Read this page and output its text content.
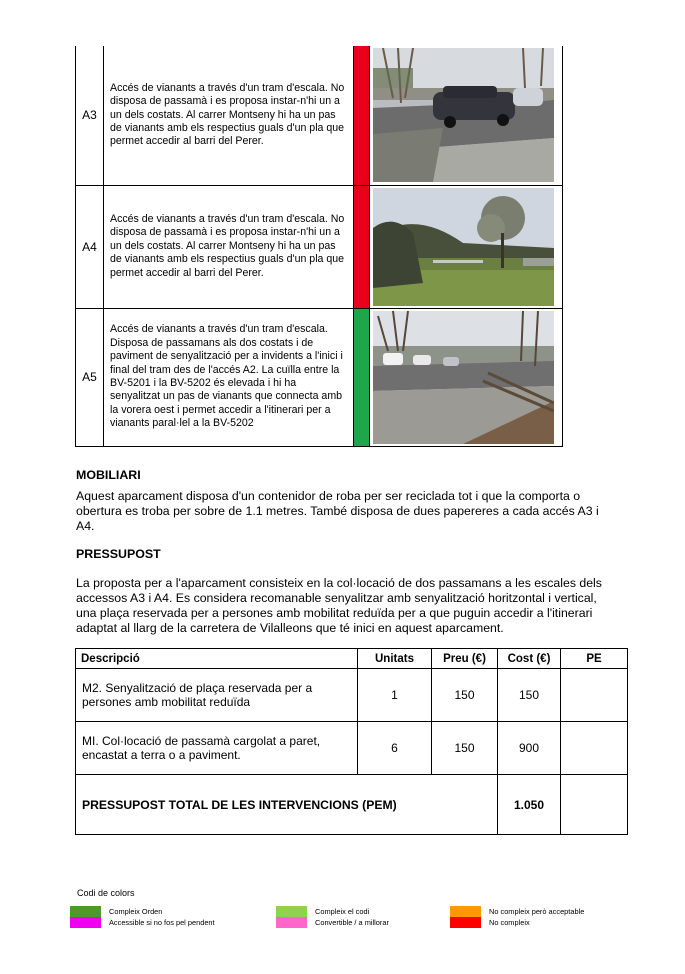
A3	Accés de vianants a través d'un tram d'escala. No disposa de passamà i es proposa instar-n'hi un a un dels costats. Al carrer Montseny hi ha un pas de vianants amb els respectius guals d'un pla que permet accedir al barri del Perer.		

A4	Accés de vianants a través d'un tram d'escala. No disposa de passamà i es proposa instar-n'hi un a un dels costats. Al carrer Montseny hi ha un pas de vianants amb els respectius guals d'un pla que permet accedir al barri del Perer.		

A5	Accés de vianants a través d'un tram d'escala. Disposa de passamans als dos costats i de paviment de senyalització per a invidents a l'inici i final del tram des de l'accés A2. La cuïlla entre la BV-5201 i la BV-5202 és elevada i hi ha senyalitzat un pas de vianants que connecta amb la vorera oest i permet accedir a l'itinerari per a vianants paral·lel a la BV-5202		
MOBILIARI
Aquest aparcament disposa d'un contenidor de roba per ser reciclada tot i que la comporta o obertura es troba per sobre de 1.1 metres. També disposa de dues papereres a cada accés A3 i A4.
PRESSUPOST
La proposta per a l'aparcament consisteix en la col·locació de dos passamans a les escales dels accessos A3 i A4. Es considera recomanable senyalitzar amb senyalització horitzontal i vertical, una plaça reservada per a persones amb mobilitat reduïda per a que puguin accedir a l'itinerari adaptat al llarg de la carretera de Vilalleons que té inici en aquest aparcament.
Descripció	Unitats	Preu (€)	Cost (€)	PE
M2. Senyalització de plaça reservada per a persones amb mobilitat reduïda	1	150	150	
MI. Col·locació de passamà cargolat a paret, encastat a terra o a paviment.	6	150	900	
PRESSUPOST TOTAL DE LES INTERVENCIONS (PEM)			1.050	
Codi de colors
Compleix Orden
Accessible si no fos pel pendent
Compleix el codi
Convertible / a millorar
No compleix però acceptable
No compleix
